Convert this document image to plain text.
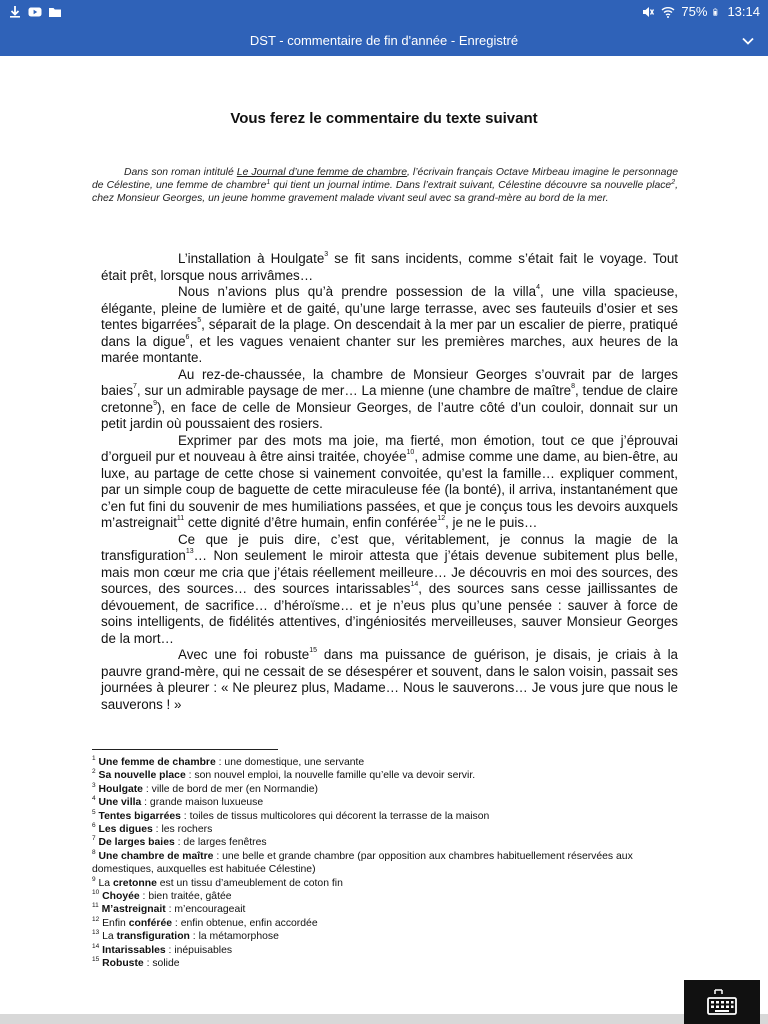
75% 13:14
DST - commentaire de fin d'année - Enregistré
Vous ferez le commentaire du texte suivant
Dans son roman intitulé Le Journal d’une femme de chambre, l’écrivain français Octave Mirbeau imagine le personnage de Célestine, une femme de chambre$^1$ qui tient un journal intime. Dans l’extrait suivant, Célestine découvre sa nouvelle place$^2$, chez Monsieur Georges, un jeune homme gravement malade vivant seul avec sa grand-mère au bord de la mer.

L’installation à Houlgate$^3$ se fit sans incidents, comme s’était fait le voyage. Tout était prêt, lorsque nous arrivâmes…

Nous n’avions plus qu’à prendre possession de la villa$^4$, une villa spacieuse, élégante, pleine de lumière et de gaité, qu’une large terrasse, avec ses fauteuils d’osier et ses tentes bigarrées$^5$, séparait de la plage. On descendait à la mer par un escalier de pierre, pratiqué dans la digue$^6$, et les vagues venaient chanter sur les premières marches, aux heures de la marée montante.

Au rez-de-chaussée, la chambre de Monsieur Georges s’ouvrait par de larges baies$^7$, sur un admirable paysage de mer… La mienne (une chambre de maître$^8$, tendue de claire cretonne$^9$), en face de celle de Monsieur Georges, de l’autre côté d’un couloir, donnait sur un petit jardin où poussaient des rosiers.

Exprimer par des mots ma joie, ma fierté, mon émotion, tout ce que j’éprouvai d’orgueil pur et nouveau à être ainsi traitée, choyée$^{10}$, admise comme une dame, au bien-être, au luxe, au partage de cette chose si vainement convoitée, qu’est la famille… expliquer comment, par un simple coup de baguette de cette miraculeuse fée (la bonté), il arriva, instantanément que c’en fut fini du souvenir de mes humiliations passées, et que je conçus tous les devoirs auxquels m’astreignait$^{11}$ cette dignité d’être humain, enfin conférée$^{12}$, je ne le puis…

Ce que je puis dire, c’est que, véritablement, je connus la magie de la transfiguration$^{13}$… Non seulement le miroir attesta que j’étais devenue subitement plus belle, mais mon cœur me cria que j’étais réellement meilleure… Je découvris en moi des sources, des sources, des sources… des sources intarissables$^{14}$, des sources sans cesse jaillissantes de dévouement, de sacrifice… d’héroïsme… et je n’eus plus qu’une pensée : sauver à force de soins intelligents, de fidélités attentives, d’ingéniosités merveilleuses, sauver Monsieur Georges de la mort…

Avec une foi robuste$^{15}$ dans ma puissance de guérison, je disais, je criais à la pauvre grand-mère, qui ne cessait de se désespérer et souvent, dans le salon voisin, passait ses journées à pleurer : « Ne pleurez plus, Madame… Nous le sauverons… Je vous jure que nous le sauverons ! »

$^1$ Une femme de chambre : une domestique, une servante
$^2$ Sa nouvelle place : son nouvel emploi, la nouvelle famille qu’elle va devoir servir.
$^3$ Houlgate : ville de bord de mer (en Normandie)
$^4$ Une villa : grande maison luxueuse
$^5$ Tentes bigarrées : toiles de tissus multicolores qui décorent la terrasse de la maison
$^6$ Les digues : les rochers
$^7$ De larges baies : de larges fenêtres
$^8$ Une chambre de maître : une belle et grande chambre (par opposition aux chambres habituellement réservées aux domestiques, auxquelles est habituée Célestine)
$^9$ La cretonne est un tissu d’ameublement de coton fin
$^{10}$ Choyée : bien traitée, gâtée
$^{11}$ M’astreignait : m’encourageait
$^{12}$ Enfin conférée : enfin obtenue, enfin accordée
$^{13}$ La transfiguration : la métamorphose
$^{14}$ Intarissables : inépuisables
$^{15}$ Robuste : solide
